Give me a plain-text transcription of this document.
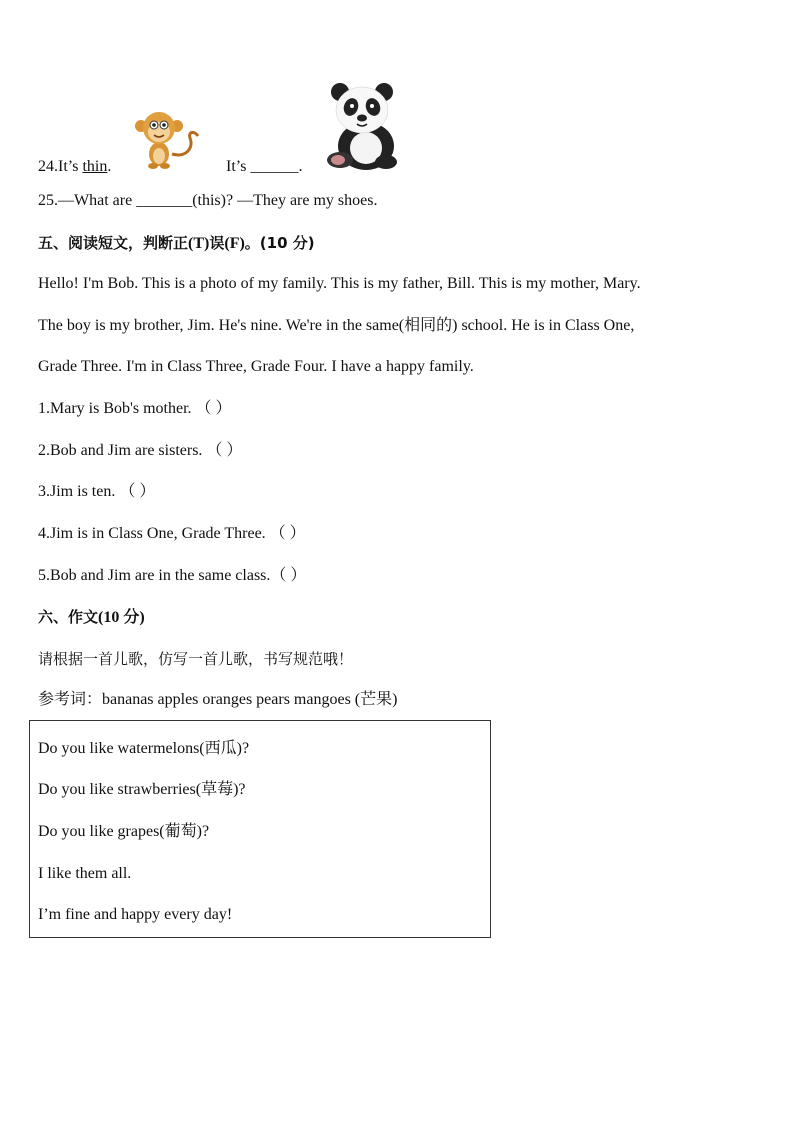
24.It’s thin.	It’s ______.
25.—What are _______(this)? —They are my shoes.
五、阅读短文，判断正(T)误(F)。(10 分)
Hello! I'm Bob. This is a photo of my family. This is my father, Bill. This is my mother, Mary.
The boy is my brother, Jim. He's nine. We're in the same(相同的) school. He is in Class One,
Grade Three. I'm in Class Three, Grade Four. I have a happy family.
1.Mary is Bob's mother. （ ）
2.Bob and Jim are sisters. （ ）
3.Jim is ten. （ ）
4.Jim is in Class One, Grade Three. （ ）
5.Bob and Jim are in the same class.（ ）
六、作文(10 分)
请根据一首儿歌，仿写一首儿歌，书写规范哦！
参考词：bananas apples oranges pears mangoes (芒果)
Do you like watermelons(西瓜)?
Do you like strawberries(草莓)?
Do you like grapes(葡萄)?
I like them all.
I’m fine and happy every day!
